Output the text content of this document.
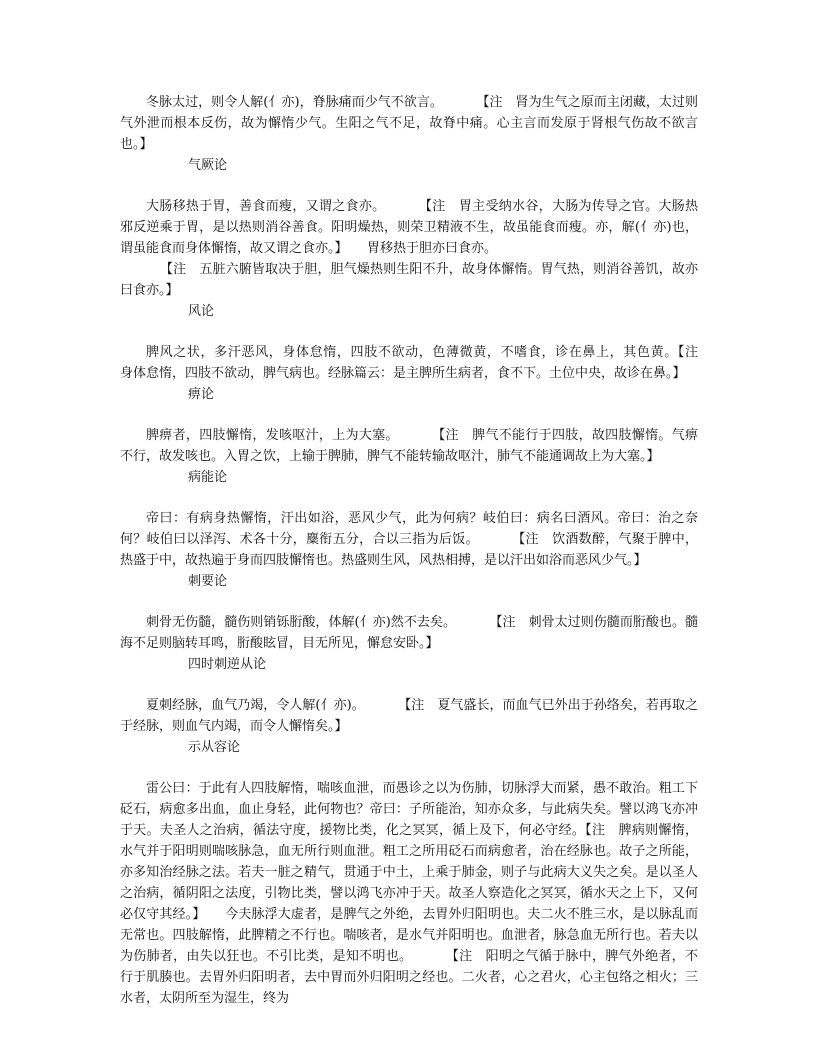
冬脉太过，则令人解(亻亦)，脊脉痛而少气不欲言。	【注　肾为生气之原而主闭藏，太过则气外泄而根本反伤，故为懈惰少气。生阳之气不足，故脊中痛。心主言而发原于肾根气伤故不欲言也。】

气厥论

大肠移热于胃，善食而瘦，又谓之食亦。	【注　胃主受纳水谷，大肠为传导之官。大肠热邪反逆乘于胃，是以热则消谷善食。阳明燥热，则荣卫精液不生，故虽能食而瘦。亦，解(亻亦)也，谓虽能食而身体懈惰，故又谓之食亦。】　　胃移热于胆亦曰食亦。

【注　五脏六腑皆取决于胆，胆气燥热则生阳不升，故身体懈惰。胃气热，则消谷善饥，故亦曰食亦。】

风论

脾风之状，多汗恶风，身体怠惰，四肢不欲动，色薄微黄，不嗜食，诊在鼻上，其色黄。【注　身体怠惰，四肢不欲动，脾气病也。经脉篇云：是主脾所生病者，食不下。土位中央，故诊在鼻。】

痹论

脾痹者，四肢懈惰，发咳呕汁，上为大塞。	【注　脾气不能行于四肢，故四肢懈惰。气痹不行，故发咳也。入胃之饮，上输于脾肺，脾气不能转输故呕汁，肺气不能通调故上为大塞。】

病能论

帝曰：有病身热懈惰，汗出如浴，恶风少气，此为何病？岐伯曰：病名曰酒风。帝曰：治之奈何？岐伯曰以泽泻、术各十分，麋衔五分，合以三指为后饭。	【注　饮酒数醉，气聚于脾中，热盛于中，故热遍于身而四肢懈惰也。热盛则生风，风热相搏，是以汗出如浴而恶风少气。】

刺要论

刺骨无伤髓，髓伤则销铄胻酸，体解(亻亦)然不去矣。	【注　刺骨太过则伤髓而胻酸也。髓海不足则脑转耳鸣，胻酸眩冒，目无所见，懈怠安卧。】

四时刺逆从论

夏刺经脉，血气乃竭，令人解(亻亦)。	【注　夏气盛长，而血气已外出于孙络矣，若再取之于经脉，则血气内竭，而令人懈惰矣。】

示从容论

雷公曰：于此有人四肢解惰，喘咳血泄，而愚诊之以为伤肺，切脉浮大而紧，愚不敢治。粗工下砭石，病愈多出血，血止身轻，此何物也？帝曰：子所能治，知亦众多，与此病失矣。譬以鸿飞亦冲于天。夫圣人之治病，循法守度，援物比类，化之冥冥，循上及下，何必守经。【注　脾病则懈惰，水气并于阳明则喘咳脉急，血无所行则血泄。粗工之所用砭石而病愈者，治在经脉也。故子之所能，亦多知治经脉之法。若夫一脏之精气，贯通于中土，上乘于肺金，则子与此病大义失之矣。是以圣人之治病，循阴阳之法度，引物比类，譬以鸿飞亦冲于天。故圣人察造化之冥冥，循水天之上下，又何必仅守其经。】　　今夫脉浮大虚者，是脾气之外绝，去胃外归阳明也。夫二火不胜三水，是以脉乱而无常也。四肢解惰，此脾精之不行也。喘咳者，是水气并阳明也。血泄者，脉急血无所行也。若夫以为伤肺者，由失以狂也。不引比类，是知不明也。	【注　阳明之气循于脉中，脾气外绝者，不行于肌腠也。去胃外归阳明者，去中胃而外归阳明之经也。二火者，心之君火，心主包络之相火；三水者，太阴所至为湿生，终为
